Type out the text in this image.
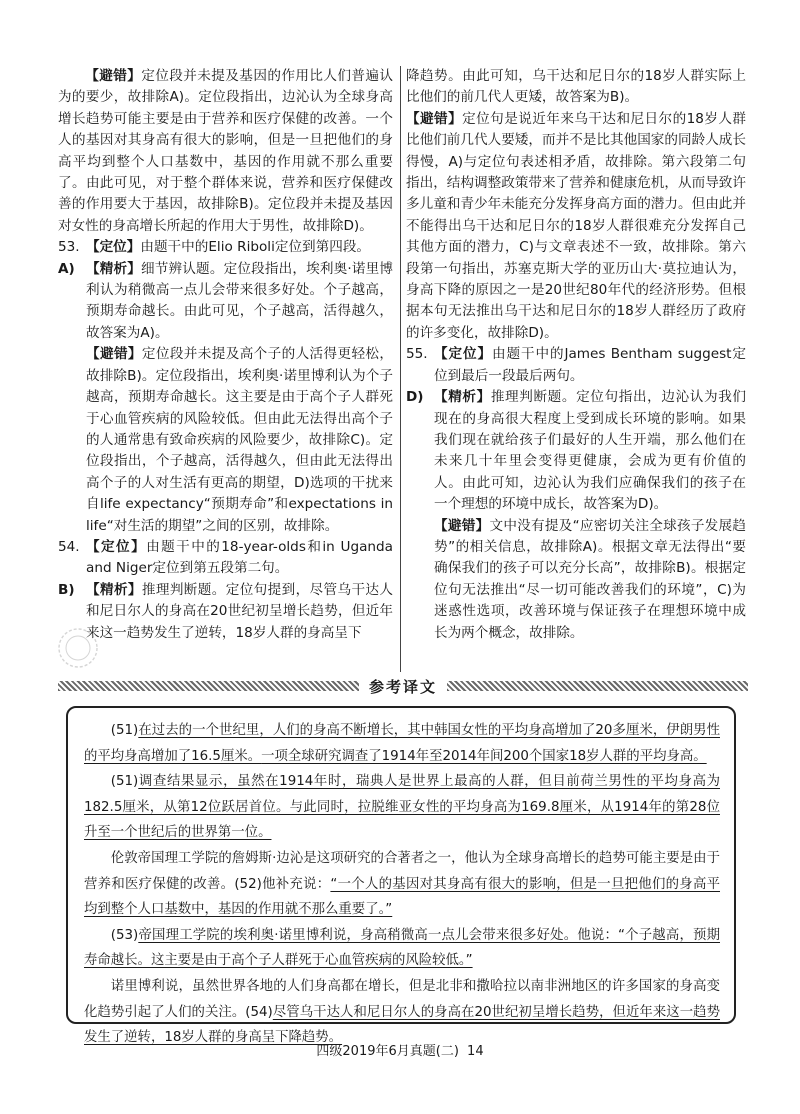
【避错】定位段并未提及基因的作用比人们普遍认为的要少，故排除A)。定位段指出，边沁认为全球身高增长趋势可能主要是由于营养和医疗保健的改善。一个人的基因对其身高有很大的影响，但是一旦把他们的身高平均到整个人口基数中，基因的作用就不那么重要了。由此可见，对于整个群体来说，营养和医疗保健改善的作用要大于基因，故排除B)。定位段并未提及基因对女性的身高增长所起的作用大于男性，故排除D)。

53. 【定位】由题干中的Elio Riboli定位到第四段。
A) 【精析】细节辨认题。定位段指出，埃利奥·诺里博利认为稍微高一点儿会带来很多好处。个子越高，预期寿命越长。由此可见，个子越高，活得越久，故答案为A)。

【避错】定位段并未提及高个子的人活得更轻松，故排除B)。定位段指出，埃利奥·诺里博利认为个子越高，预期寿命越长。这主要是由于高个子人群死于心血管疾病的风险较低。但由此无法得出高个子的人通常患有致命疾病的风险要少，故排除C)。定位段指出，个子越高，活得越久，但由此无法得出高个子的人对生活有更高的期望，D)选项的干扰来自life expectancy“预期寿命”和expectations in life“对生活的期望”之间的区别，故排除。

54. 【定位】由题干中的18-year-olds和in Uganda and Niger定位到第五段第二句。
B) 【精析】推理判断题。定位句提到，尽管乌干达人和尼日尔人的身高在20世纪初呈增长趋势，但近年来这一趋势发生了逆转，18岁人群的身高呈下

降趋势。由此可知，乌干达和尼日尔的18岁人群实际上比他们的前几代人更矮，故答案为B)。

【避错】定位句是说近年来乌干达和尼日尔的18岁人群比他们前几代人要矮，而并不是比其他国家的同龄人成长得慢，A)与定位句表述相矛盾，故排除。第六段第二句指出，结构调整政策带来了营养和健康危机，从而导致许多儿童和青少年未能充分发挥身高方面的潜力。但由此并不能得出乌干达和尼日尔的18岁人群很难充分发挥自己其他方面的潜力，C)与文章表述不一致，故排除。第六段第一句指出，苏塞克斯大学的亚历山大·莫拉迪认为，身高下降的原因之一是20世纪80年代的经济形势。但根据本句无法推出乌干达和尼日尔的18岁人群经历了政府的许多变化，故排除D)。

55. 【定位】由题干中的James Bentham suggest定位到最后一段最后两句。
D) 【精析】推理判断题。定位句指出，边沁认为我们现在的身高很大程度上受到成长环境的影响。如果我们现在就给孩子们最好的人生开端，那么他们在未来几十年里会变得更健康，会成为更有价值的人。由此可知，边沁认为我们应确保我们的孩子在一个理想的环境中成长，故答案为D)。

【避错】文中没有提及“应密切关注全球孩子发展趋势”的相关信息，故排除A)。根据文章无法得出“要确保我们的孩子可以充分长高”，故排除B)。根据定位句无法推出“尽一切可能改善我们的环境”，C)为迷惑性选项，改善环境与保证孩子在理想环境中成长为两个概念，故排除。

参考译文

(51)在过去的一个世纪里，人们的身高不断增长，其中韩国女性的平均身高增加了20多厘米，伊朗男性的平均身高增加了16.5厘米。一项全球研究调查了1914年至2014年间200个国家18岁人群的平均身高。

(51)调查结果显示，虽然在1914年时，瑞典人是世界上最高的人群，但目前荷兰男性的平均身高为182.5厘米，从第12位跃居首位。与此同时，拉脱维亚女性的平均身高为169.8厘米，从1914年的第28位升至一个世纪后的世界第一位。

伦敦帝国理工学院的詹姆斯·边沁是这项研究的合著者之一，他认为全球身高增长的趋势可能主要是由于营养和医疗保健的改善。(52)他补充说：“一个人的基因对其身高有很大的影响，但是一旦把他们的身高平均到整个人口基数中，基因的作用就不那么重要了。”

(53)帝国理工学院的埃利奥·诺里博利说，身高稍微高一点儿会带来很多好处。他说：“个子越高，预期寿命越长。这主要是由于高个子人群死于心血管疾病的风险较低。”

诺里博利说，虽然世界各地的人们身高都在增长，但是北非和撒哈拉以南非洲地区的许多国家的身高变化趋势引起了人们的关注。(54)尽管乌干达人和尼日尔人的身高在20世纪初呈增长趋势，但近年来这一趋势发生了逆转，18岁人群的身高呈下降趋势。

四级2019年6月真题(二) 14
